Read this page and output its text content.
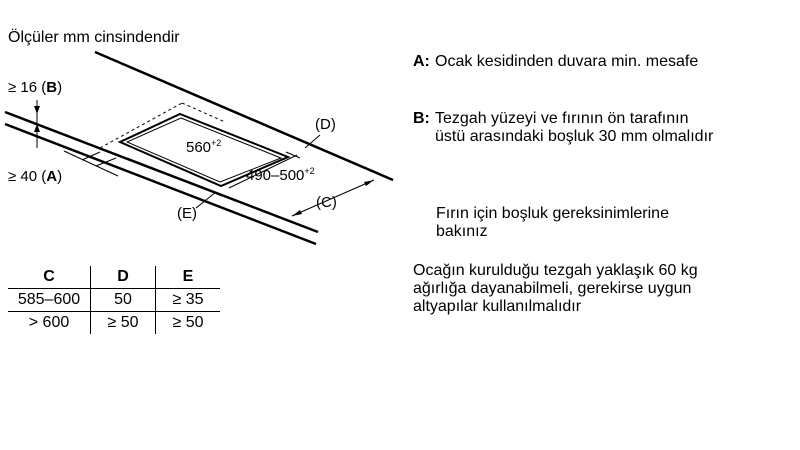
Ölçüler mm cinsindendir
$560^{+2}$
$490-500^{+2}$
(C)
(D)
(E)
≥ 16 (B)
≥ 40 (A)
A: Ocak kesidinden duvara min. mesafe
B: Tezgah yüzeyi ve fırının ön tarafının
üstü arasındaki boşluk 30 mm olmalıdır
Fırın için boşluk gereksinimlerine
bakınız
Ocağın kurulduğu tezgah yaklaşık 60 kg
ağırlığa dayanabilmeli, gerekirse uygun
altyapılar kullanılmalıdır
C	D	E
585–600	50	≥ 35
> 600	≥ 50	≥ 50
